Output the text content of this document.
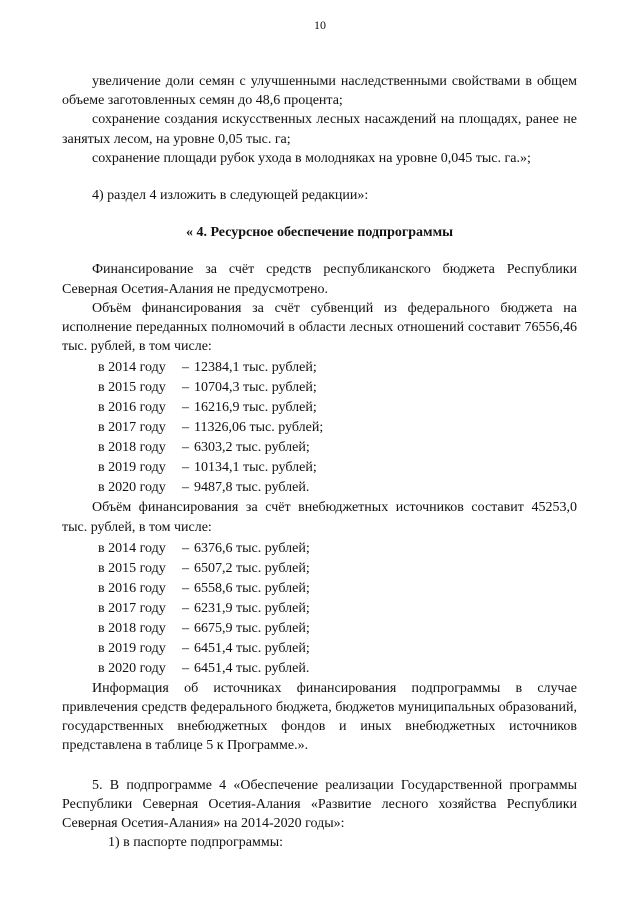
10

увеличение доли семян с улучшенными наследственными свойствами в общем объеме заготовленных семян до 48,6 процента;

сохранение создания искусственных лесных насаждений на площадях, ранее не занятых лесом, на уровне 0,05 тыс. га;

сохранение площади рубок ухода в молодняках на уровне 0,045 тыс. га.»;

4) раздел 4 изложить в следующей редакции»:

« 4. Ресурсное обеспечение подпрограммы

Финансирование за счёт средств республиканского бюджета Республики Северная Осетия-Алания не предусмотрено.

Объём финансирования за счёт субвенций из федерального бюджета на исполнение переданных полномочий в области лесных отношений составит 76556,46 тыс. рублей, в том числе:

в 2014 году	– 12384,1 тыс. рублей;
в 2015 году	– 10704,3 тыс. рублей;
в 2016 году	– 16216,9 тыс. рублей;
в 2017 году	– 11326,06 тыс. рублей;
в 2018 году	– 6303,2 тыс. рублей;
в 2019 году	– 10134,1 тыс. рублей;
в 2020 году	– 9487,8 тыс. рублей.

Объём финансирования за счёт внебюджетных источников составит 45253,0 тыс. рублей, в том числе:

в 2014 году	– 6376,6 тыс. рублей;
в 2015 году	– 6507,2 тыс. рублей;
в 2016 году	– 6558,6 тыс. рублей;
в 2017 году	– 6231,9 тыс. рублей;
в 2018 году	– 6675,9 тыс. рублей;
в 2019 году	– 6451,4 тыс. рублей;
в 2020 году	– 6451,4 тыс. рублей.

Информация об источниках финансирования подпрограммы в случае привлечения средств федерального бюджета, бюджетов муниципальных образований, государственных внебюджетных фондов и иных внебюджетных источников представлена в таблице 5 к Программе.».

5. В подпрограмме 4 «Обеспечение реализации Государственной программы Республики Северная Осетия-Алания «Развитие лесного хозяйства Республики Северная Осетия-Алания» на 2014-2020 годы»:

1) в паспорте подпрограммы:
